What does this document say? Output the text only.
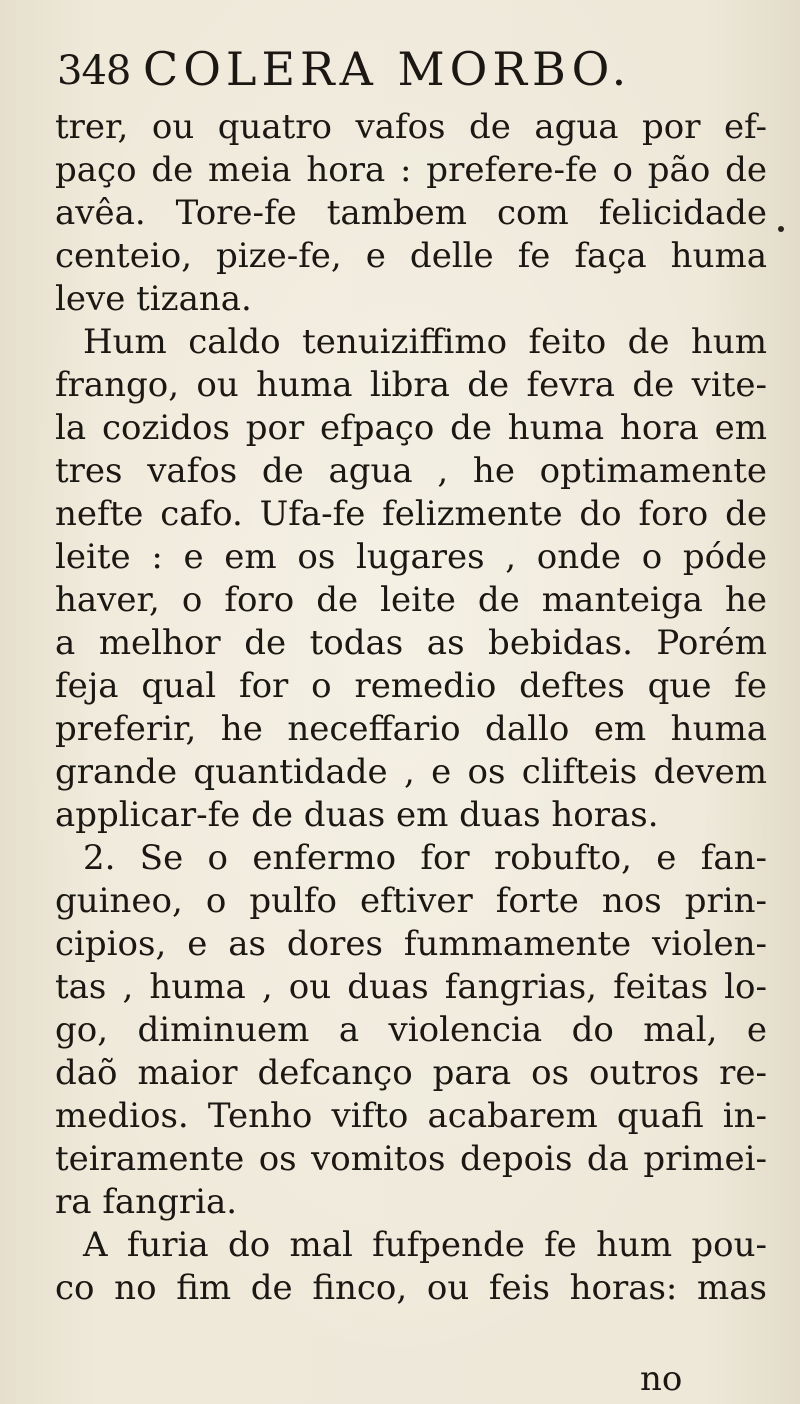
348 COLERA MORBO.
trer, ou quatro vafos de agua por ef-
paço de meia hora : prefere-fe o pão de
avêa. Tore-fe tambem com felicidade
centeio, pize-fe, e delle fe faça huma
leve tizana.
Hum caldo tenuiziffimo feito de hum
frango, ou huma libra de fevra de vite-
la cozidos por efpaço de huma hora em
tres vafos de agua , he optimamente
nefte cafo. Ufa-fe felizmente do foro de
leite : e em os lugares , onde o póde
haver, o foro de leite de manteiga he
a melhor de todas as bebidas. Porém
feja qual for o remedio deftes que fe
preferir, he neceffario dallo em huma
grande quantidade , e os clifteis devem
applicar-fe de duas em duas horas.
2. Se o enfermo for robufto, e fan-
guineo, o pulfo eftiver forte nos prin-
cipios, e as dores fummamente violen-
tas , huma , ou duas fangrias, feitas lo-
go, diminuem a violencia do mal, e
daõ maior defcanço para os outros re-
medios. Tenho vifto acabarem quafi in-
teiramente os vomitos depois da primei-
ra fangria.
A furia do mal fufpende fe hum pou-
co no fim de finco, ou feis horas: mas
no
